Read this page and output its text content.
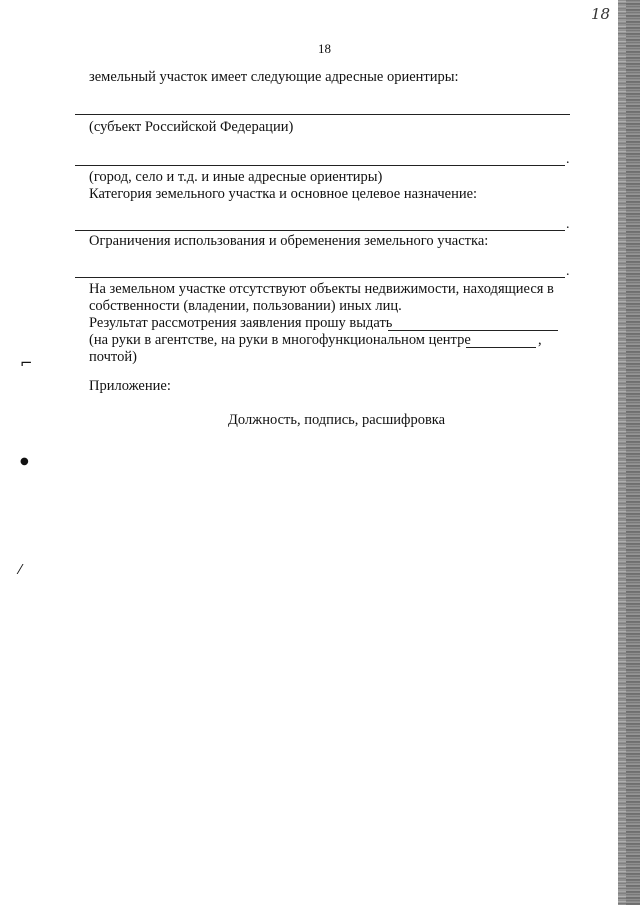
18
18
земельный участок имеет следующие адресные ориентиры:
(субъект Российской Федерации)
.
(город, село и т.д. и иные адресные ориентиры)
Категория земельного участка и основное целевое назначение:
.
Ограничения использования и обременения земельного участка:
.
На земельном участке отсутствуют объекты недвижимости, находящиеся в
собственности (владении, пользовании) иных лиц.
Результат рассмотрения заявления прошу выдать
(на руки в агентстве, на руки в многофункциональном центре	,
почтой)
Приложение:
Должность, подпись, расшифровка
⌐
●
⁄
